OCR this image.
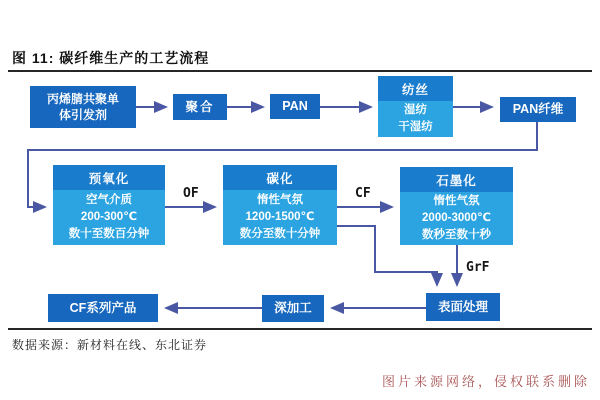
图 11: 碳纤维生产的工艺流程
丙烯腈共聚单
体引发剂
聚合	PAN
纺丝
湿纺
干湿纺
PAN纤维
预氧化
空气介质
200-300℃
数十至数百分钟
OF
碳化
惰性气氛
1200-1500℃
数分至数十分钟
CF
石墨化
惰性气氛
2000-3000℃
数秒至数十秒
GrF
表面处理
深加工
CF系列产品
数据来源：新材料在线、东北证券
图片来源网络，侵权联系删除
